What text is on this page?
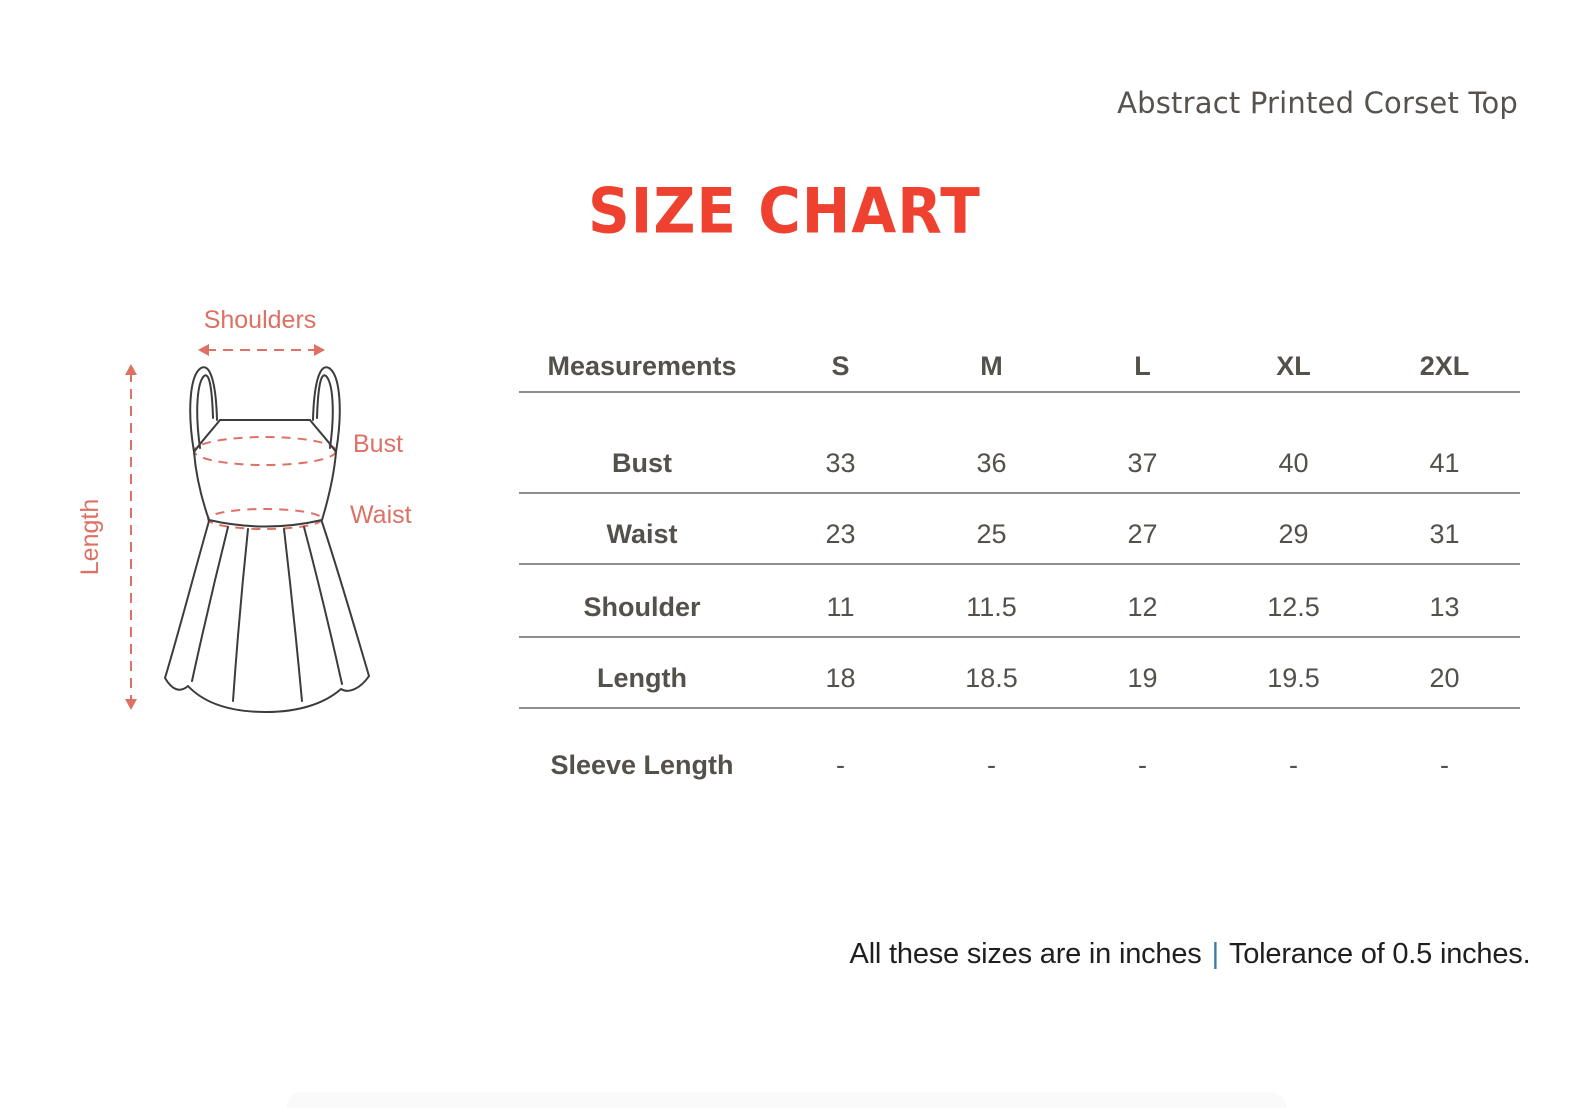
Abstract Printed Corset Top
SIZE CHART
Shoulders
Length
Bust
Waist
Measurements	S	M	L	XL	2XL
Bust	33	36	37	40	41
Waist	23	25	27	29	31
Shoulder	11	11.5	12	12.5	13
Length	18	18.5	19	19.5	20
Sleeve Length	-	-	-	-	-
All these sizes are in inches | Tolerance of 0.5 inches.
